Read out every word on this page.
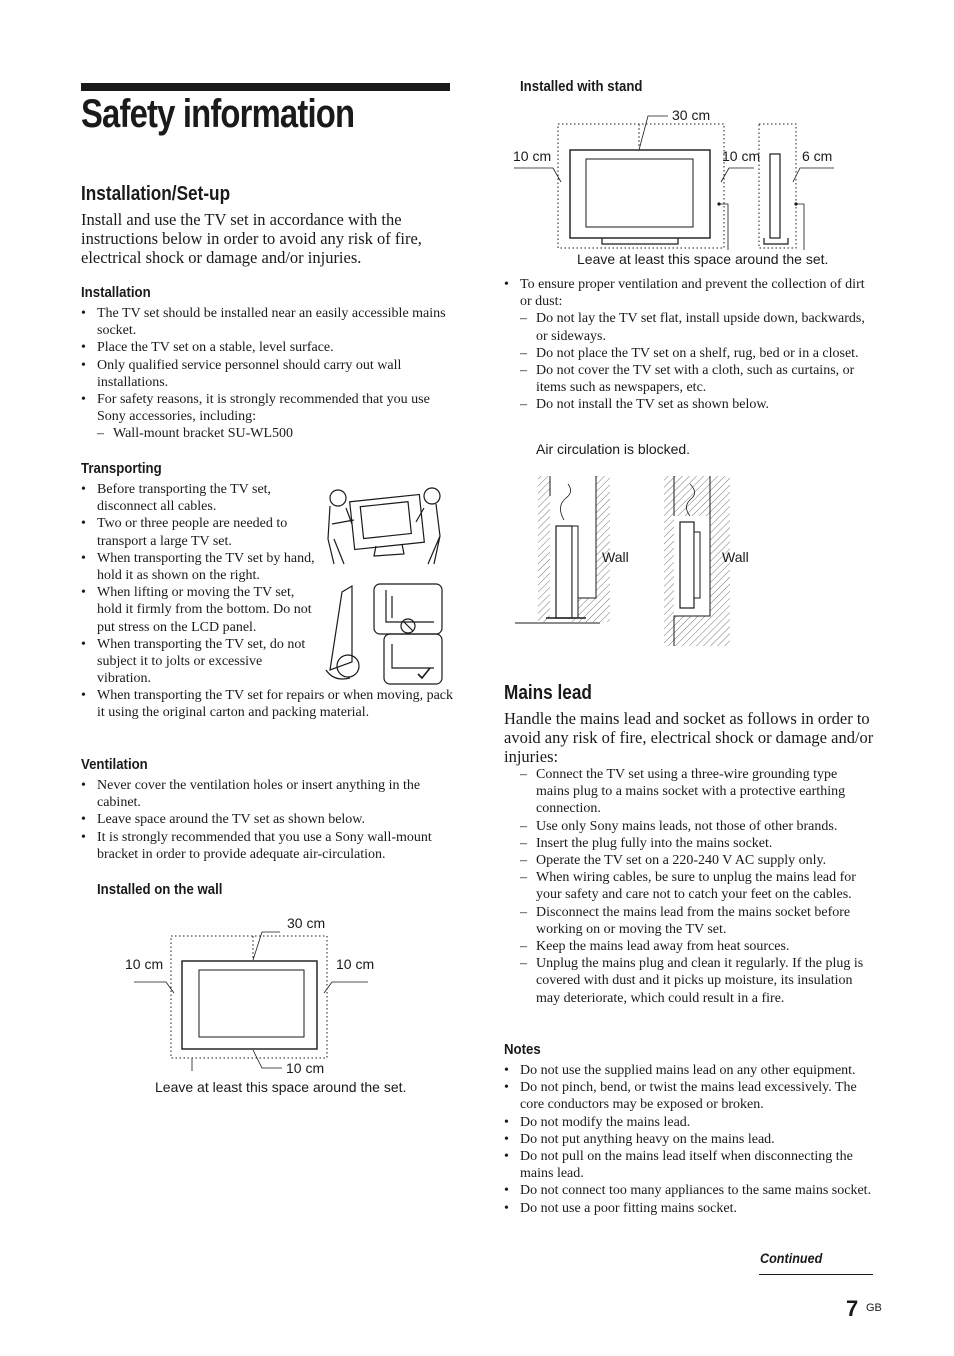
Safety information
Installation/Set-up

Install and use the TV set in accordance with the instructions below in order to avoid any risk of fire, electrical shock or damage and/or injuries.

Installation
• The TV set should be installed near an easily accessible mains socket.
• Place the TV set on a stable, level surface.
• Only qualified service personnel should carry out wall installations.
• For safety reasons, it is strongly recommended that you use Sony accessories, including:
– Wall-mount bracket SU-WL500
Transporting
• Before transporting the TV set, disconnect all cables.
• Two or three people are needed to transport a large TV set.
• When transporting the TV set by hand, hold it as shown on the right.
• When lifting or moving the TV set, hold it firmly from the bottom. Do not put stress on the LCD panel.
• When transporting the TV set, do not subject it to jolts or excessive vibration.
•
When transporting the TV set for repairs or when moving, pack it using the original carton and packing material.
Ventilation
• Never cover the ventilation holes or insert anything in the cabinet.
• Leave space around the TV set as shown below.
• It is strongly recommended that you use a Sony wall-mount bracket in order to provide adequate air-circulation.
Installed on the wall
30 cm
10 cm	10 cm
10 cm
Leave at least this space around the set.
Installed with stand
30 cm
10 cm	10 cm	6 cm
Leave at least this space around the set.
• To ensure proper ventilation and prevent the collection of dirt or dust:
– Do not lay the TV set flat, install upside down, backwards, or sideways.
– Do not place the TV set on a shelf, rug, bed or in a closet.
– Do not cover the TV set with a cloth, such as curtains, or items such as newspapers, etc.
– Do not install the TV set as shown below.
Air circulation is blocked.
Wall	Wall
Mains lead

Handle the mains lead and socket as follows in order to avoid any risk of fire, electrical shock or damage and/or injuries:

– Connect the TV set using a three-wire grounding type mains plug to a mains socket with a protective earthing connection.
– Use only Sony mains leads, not those of other brands.
– Insert the plug fully into the mains socket.
– Operate the TV set on a 220-240 V AC supply only.
– When wiring cables, be sure to unplug the mains lead for your safety and care not to catch your feet on the cables.
– Disconnect the mains lead from the mains socket before working on or moving the TV set.
– Keep the mains lead away from heat sources.
– Unplug the mains plug and clean it regularly. If the plug is covered with dust and it picks up moisture, its insulation may deteriorate, which could result in a fire.
Notes
• Do not use the supplied mains lead on any other equipment.
• Do not pinch, bend, or twist the mains lead excessively. The core conductors may be exposed or broken.
• Do not modify the mains lead.
• Do not put anything heavy on the mains lead.
• Do not pull on the mains lead itself when disconnecting the mains lead.
• Do not connect too many appliances to the same mains socket.
• Do not use a poor fitting mains socket.
Continued
7 GB
